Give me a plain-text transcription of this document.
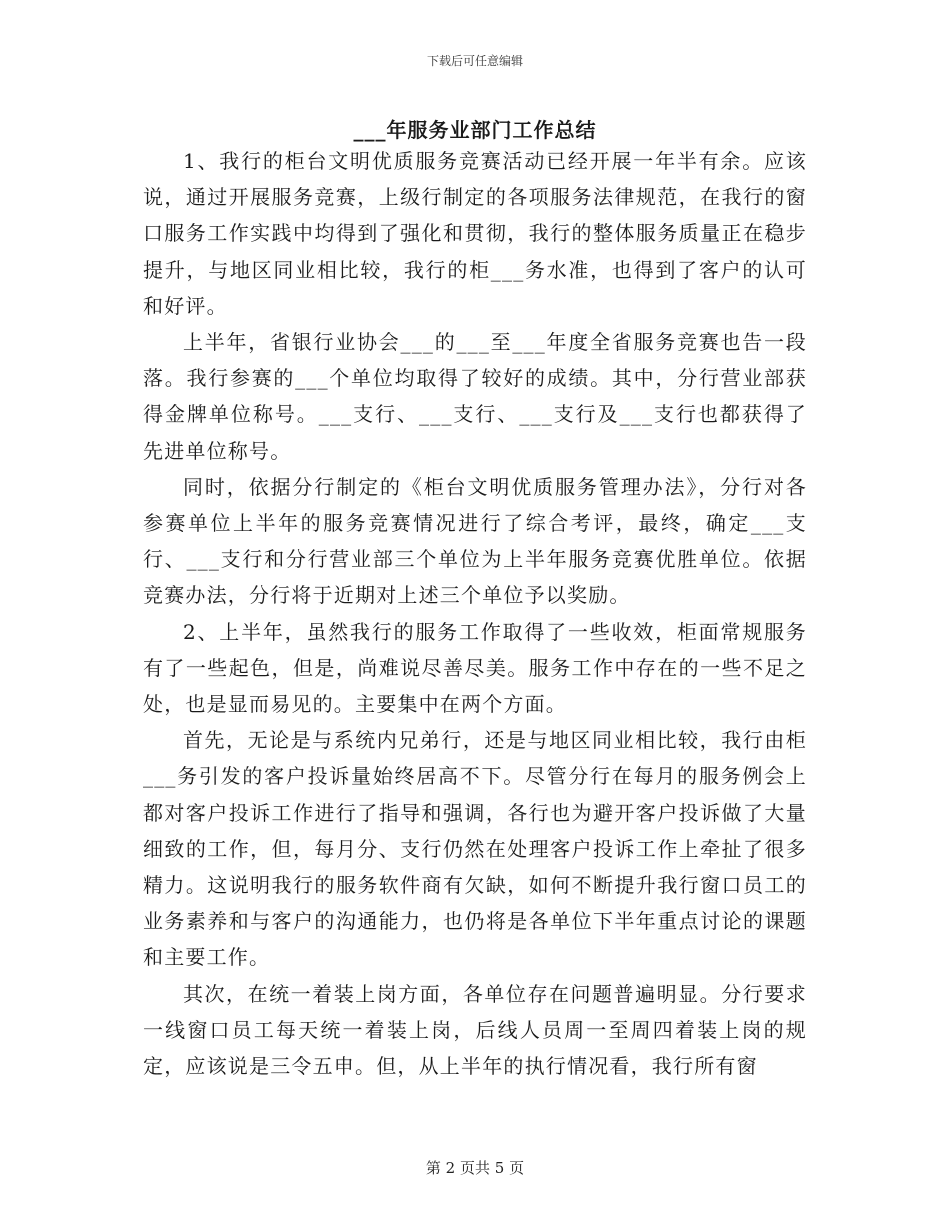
下载后可任意编辑
___年服务业部门工作总结

1、我行的柜台文明优质服务竞赛活动已经开展一年半有余。应该说，通过开展服务竞赛，上级行制定的各项服务法律规范，在我行的窗口服务工作实践中均得到了强化和贯彻，我行的整体服务质量正在稳步提升，与地区同业相比较，我行的柜___务水准，也得到了客户的认可和好评。

上半年，省银行业协会___的___至___年度全省服务竞赛也告一段落。我行参赛的___个单位均取得了较好的成绩。其中，分行营业部获得金牌单位称号。___支行、___支行、___支行及___支行也都获得了先进单位称号。

同时，依据分行制定的《柜台文明优质服务管理办法》，分行对各参赛单位上半年的服务竞赛情况进行了综合考评，最终，确定___支行、___支行和分行营业部三个单位为上半年服务竞赛优胜单位。依据竞赛办法，分行将于近期对上述三个单位予以奖励。

2、上半年，虽然我行的服务工作取得了一些收效，柜面常规服务有了一些起色，但是，尚难说尽善尽美。服务工作中存在的一些不足之处，也是显而易见的。主要集中在两个方面。

首先，无论是与系统内兄弟行，还是与地区同业相比较，我行由柜___务引发的客户投诉量始终居高不下。尽管分行在每月的服务例会上都对客户投诉工作进行了指导和强调，各行也为避开客户投诉做了大量细致的工作，但，每月分、支行仍然在处理客户投诉工作上牵扯了很多精力。这说明我行的服务软件商有欠缺，如何不断提升我行窗口员工的业务素养和与客户的沟通能力，也仍将是各单位下半年重点讨论的课题和主要工作。

其次，在统一着装上岗方面，各单位存在问题普遍明显。分行要求一线窗口员工每天统一着装上岗，后线人员周一至周四着装上岗的规定，应该说是三令五申。但，从上半年的执行情况看，我行所有窗

第 2 页共 5 页
